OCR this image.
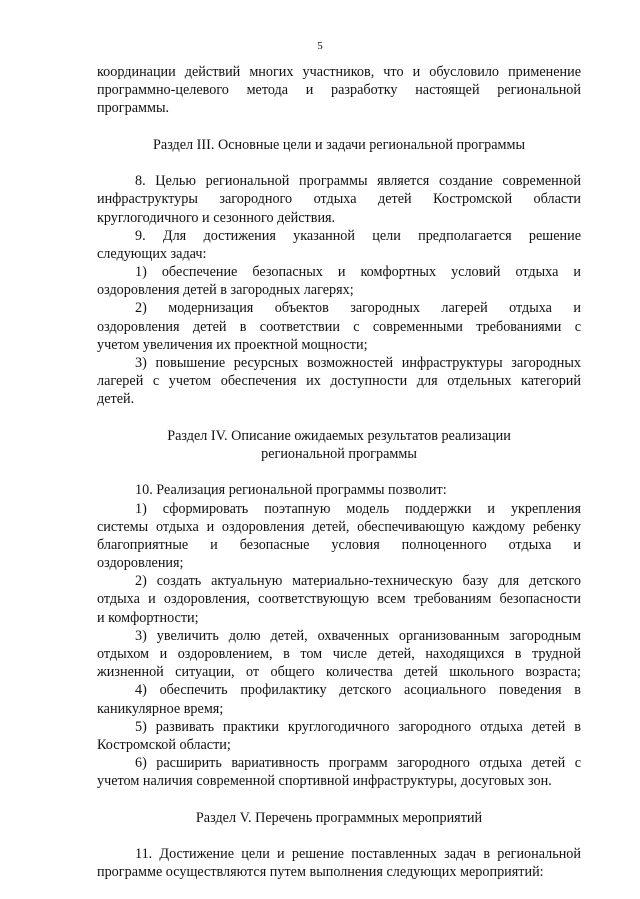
5
координации действий многих участников, что и обусловило применение
программно-целевого метода и разработку настоящей региональной
программы.
Раздел III. Основные цели и задачи региональной программы
8. Целью региональной программы является создание современной
инфраструктуры загородного отдыха детей Костромской области
круглогодичного и сезонного действия.
9. Для достижения указанной цели предполагается решение
следующих задач:
1) обеспечение безопасных и комфортных условий отдыха и
оздоровления детей в загородных лагерях;
2) модернизация объектов загородных лагерей отдыха и
оздоровления детей в соответствии с современными требованиями с
учетом увеличения их проектной мощности;
3) повышение ресурсных возможностей инфраструктуры загородных
лагерей с учетом обеспечения их доступности для отдельных категорий
детей.
Раздел IV. Описание ожидаемых результатов реализации
региональной программы
10. Реализация региональной программы позволит:
1) сформировать поэтапную модель поддержки и укрепления
системы отдыха и оздоровления детей, обеспечивающую каждому ребенку
благоприятные и безопасные условия полноценного отдыха и
оздоровления;
2) создать актуальную материально-техническую базу для детского
отдыха и оздоровления, соответствующую всем требованиям безопасности
и комфортности;
3) увеличить долю детей, охваченных организованным загородным
отдыхом и оздоровлением, в том числе детей, находящихся в трудной
жизненной ситуации, от общего количества детей школьного возраста;
4) обеспечить профилактику детского асоциального поведения в
каникулярное время;
5) развивать практики круглогодичного загородного отдыха детей в
Костромской области;
6) расширить вариативность программ загородного отдыха детей с
учетом наличия современной спортивной инфраструктуры, досуговых зон.
Раздел V. Перечень программных мероприятий
11. Достижение цели и решение поставленных задач в региональной
программе осуществляются путем выполнения следующих мероприятий:
